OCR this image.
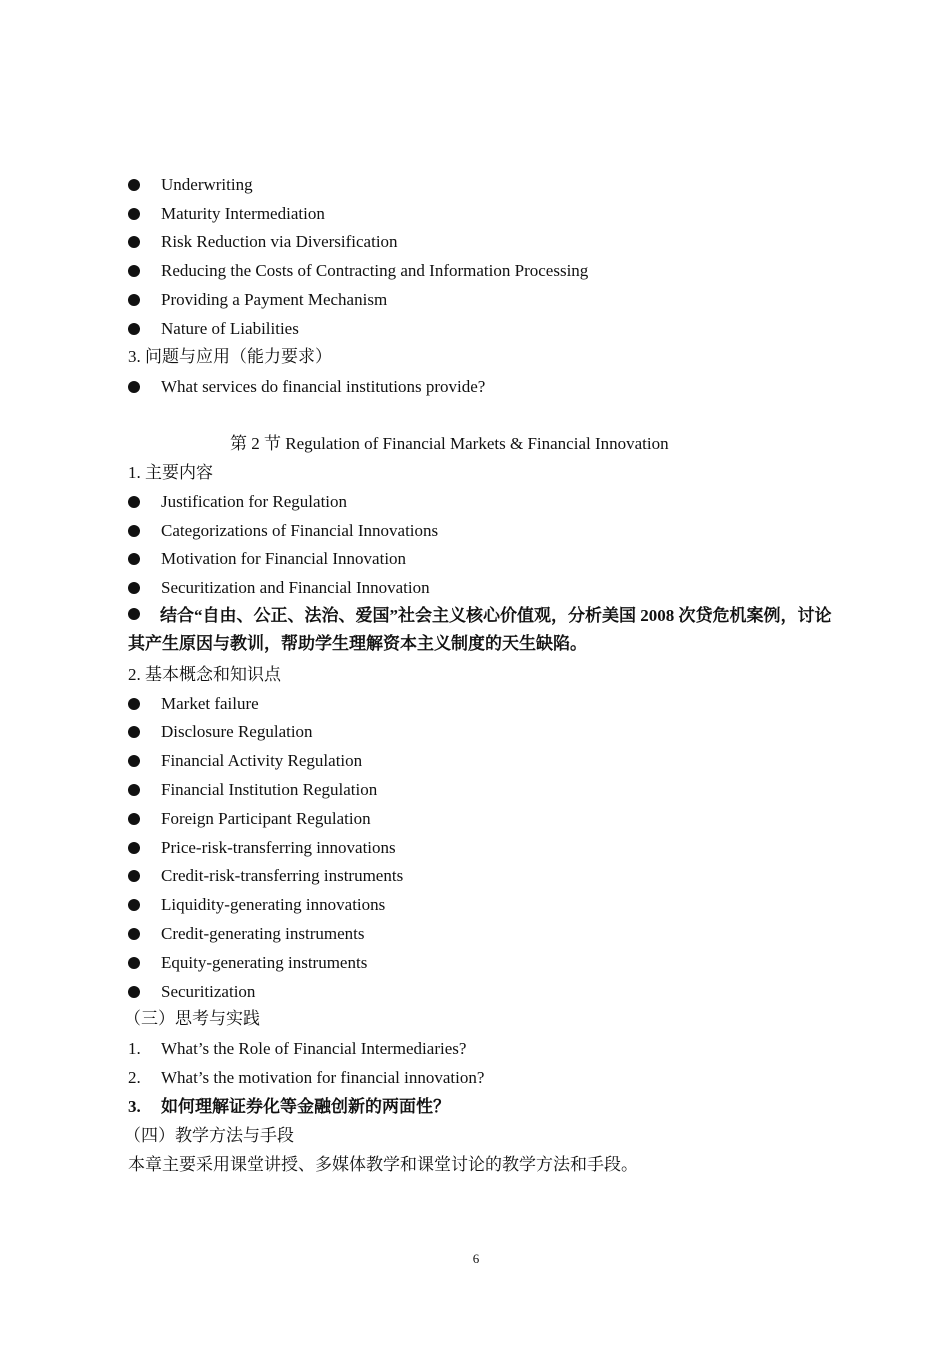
Underwriting
Maturity Intermediation
Risk Reduction via Diversification
Reducing the Costs of Contracting and Information Processing
Providing a Payment Mechanism
Nature of Liabilities
3. 问题与应用（能力要求）
What services do financial institutions provide?
第 2 节 Regulation of Financial Markets & Financial Innovation
1. 主要内容
Justification for Regulation
Categorizations of Financial Innovations
Motivation for Financial Innovation
Securitization and Financial Innovation
结合“自由、公正、法治、爱国”社会主义核心价值观，分析美国 2008 次贷危机案例，讨论其产生原因与教训，帮助学生理解资本主义制度的天生缺陷。
2. 基本概念和知识点
Market failure
Disclosure Regulation
Financial Activity Regulation
Financial Institution Regulation
Foreign Participant Regulation
Price-risk-transferring innovations
Credit-risk-transferring instruments
Liquidity-generating innovations
Credit-generating instruments
Equity-generating instruments
Securitization
（三）思考与实践
1. What’s the Role of Financial Intermediaries?
2. What’s the motivation for financial innovation?
3. 如何理解证券化等金融创新的两面性？
（四）教学方法与手段
本章主要采用课堂讲授、多媒体教学和课堂讨论的教学方法和手段。
6
